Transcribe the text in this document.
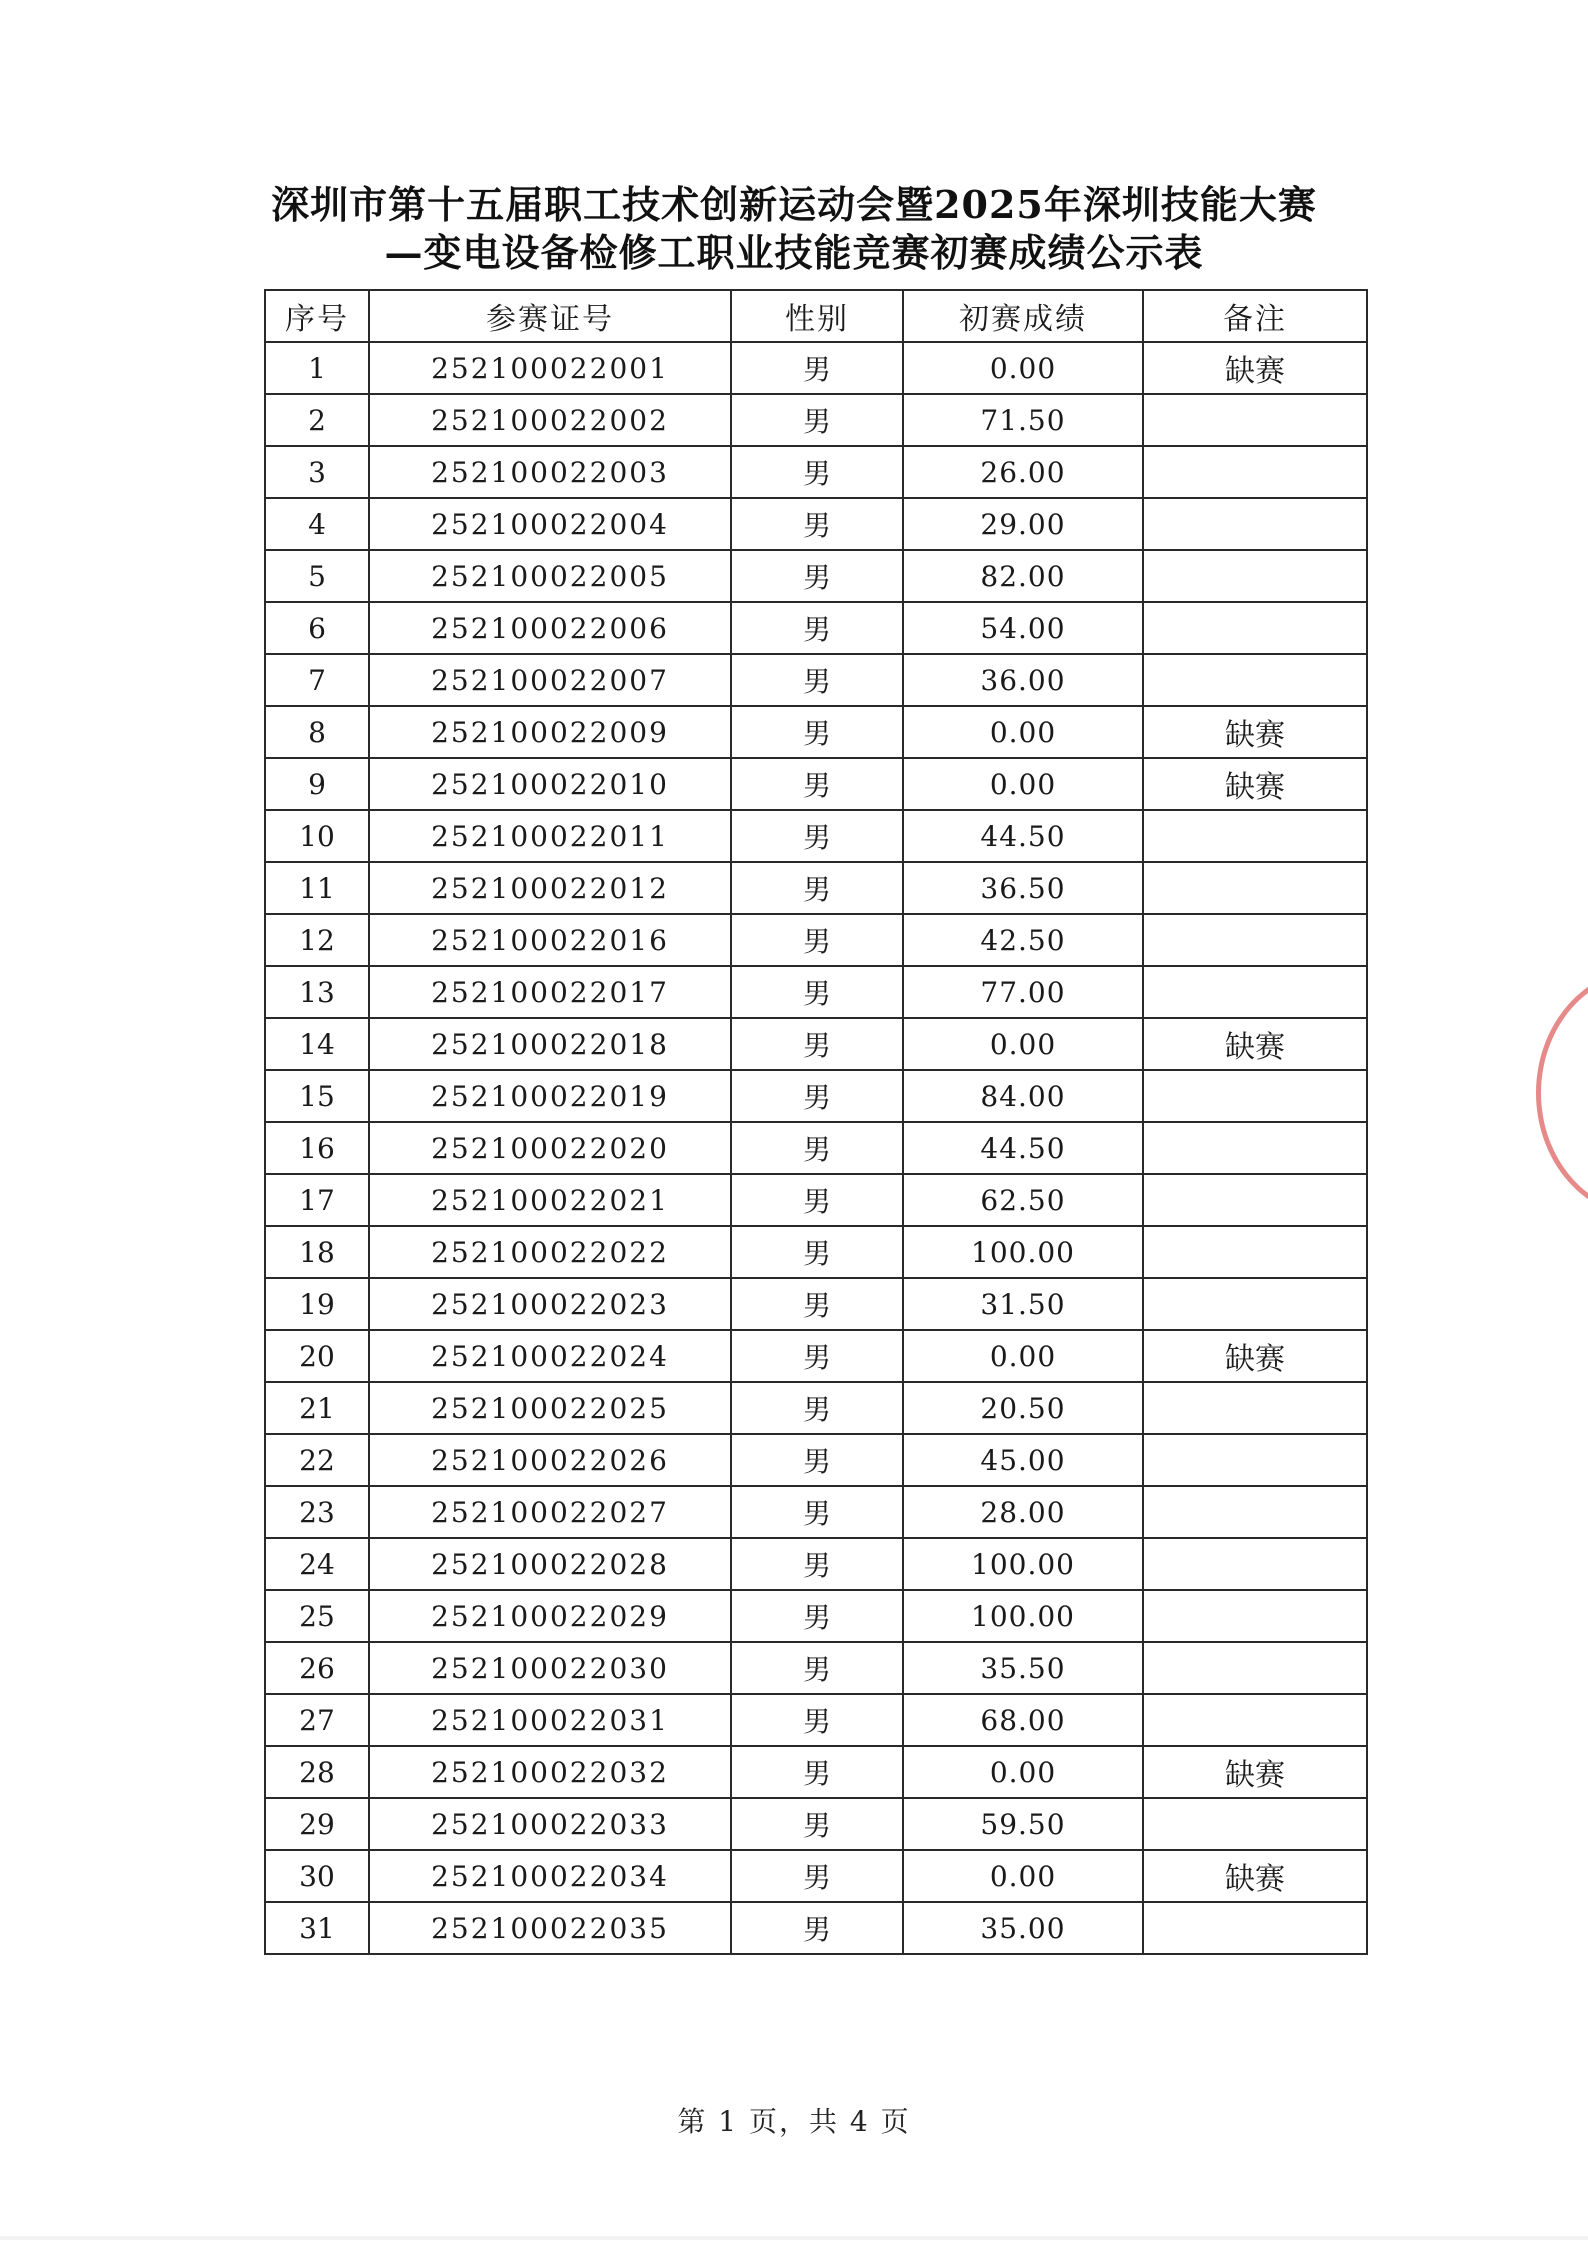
深圳市第十五届职工技术创新运动会暨2025年深圳技能大赛
—变电设备检修工职业技能竞赛初赛成绩公示表
序号	参赛证号	性别	初赛成绩	备注
1	252100022001	男	0.00	缺赛
2	252100022002	男	71.50	
3	252100022003	男	26.00	
4	252100022004	男	29.00	
5	252100022005	男	82.00	
6	252100022006	男	54.00	
7	252100022007	男	36.00	
8	252100022009	男	0.00	缺赛
9	252100022010	男	0.00	缺赛
10	252100022011	男	44.50	
11	252100022012	男	36.50	
12	252100022016	男	42.50	
13	252100022017	男	77.00	
14	252100022018	男	0.00	缺赛
15	252100022019	男	84.00	
16	252100022020	男	44.50	
17	252100022021	男	62.50	
18	252100022022	男	100.00	
19	252100022023	男	31.50	
20	252100022024	男	0.00	缺赛
21	252100022025	男	20.50	
22	252100022026	男	45.00	
23	252100022027	男	28.00	
24	252100022028	男	100.00	
25	252100022029	男	100.00	
26	252100022030	男	35.50	
27	252100022031	男	68.00	
28	252100022032	男	0.00	缺赛
29	252100022033	男	59.50	
30	252100022034	男	0.00	缺赛
31	252100022035	男	35.00	
第 1 页，共 4 页
